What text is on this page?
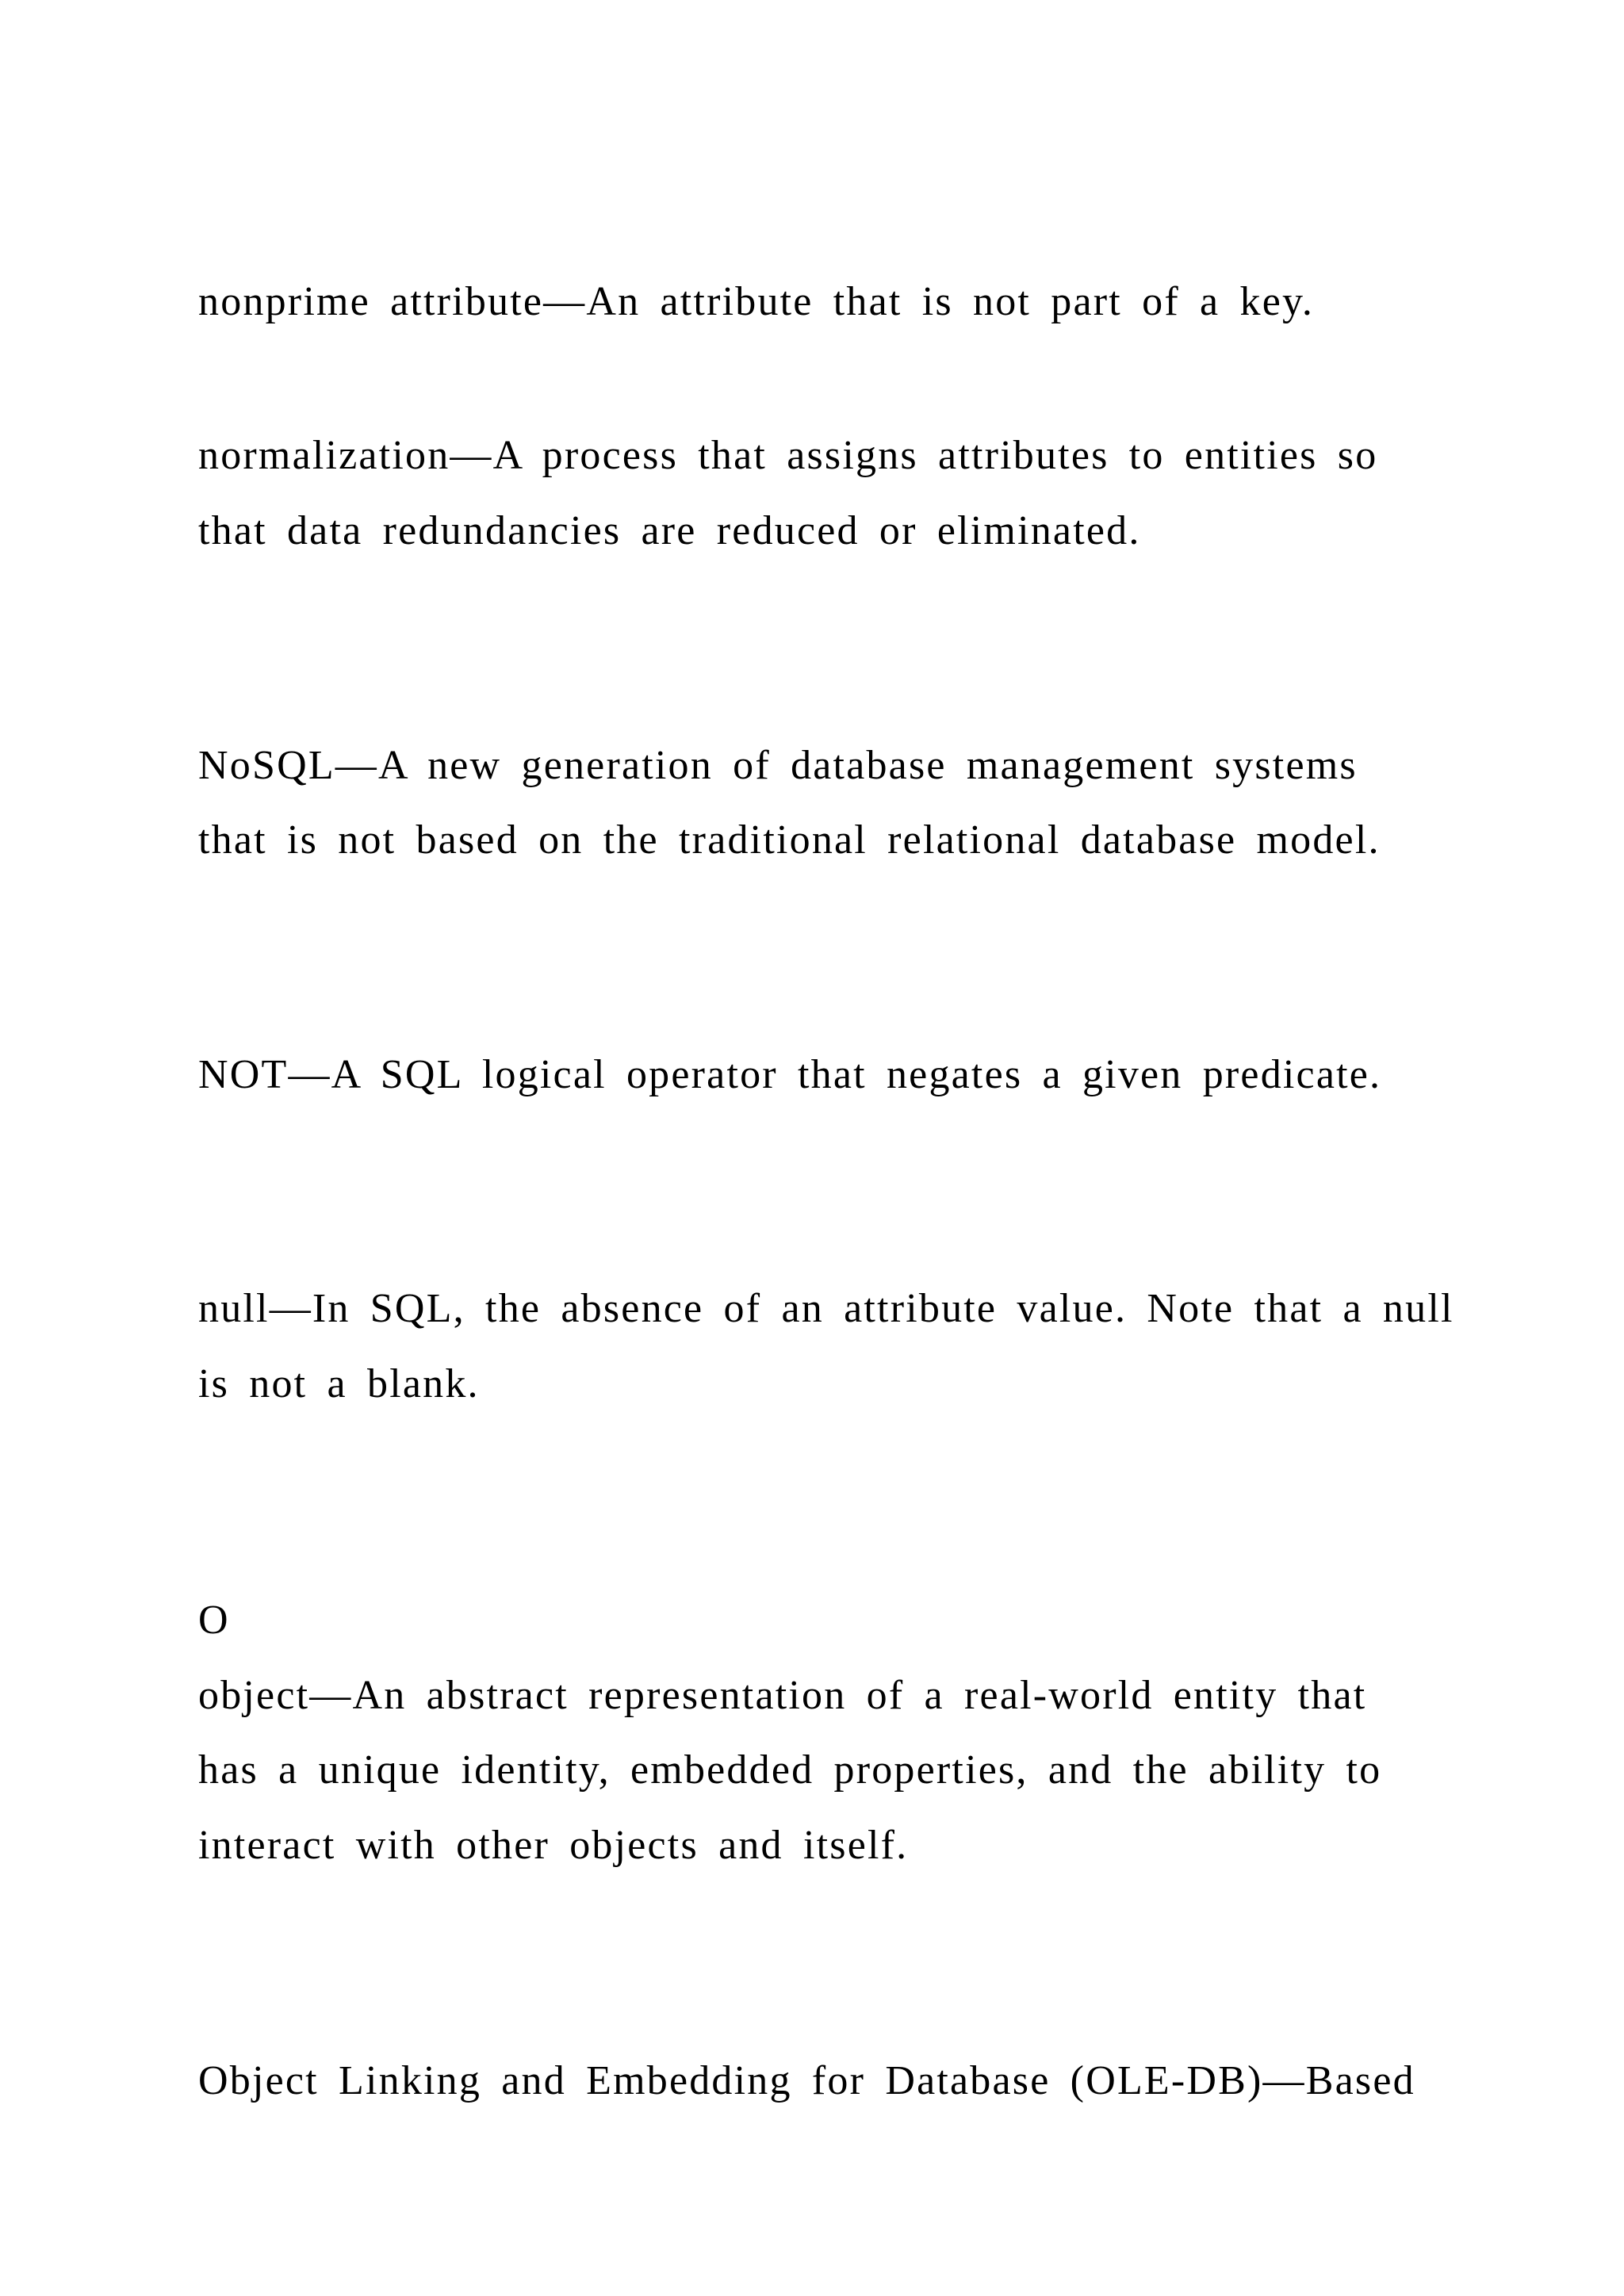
nonprime attribute—An attribute that is not part of a key.
normalization—A process that assigns attributes to entities so
that data redundancies are reduced or eliminated.
NoSQL—A new generation of database management systems
that is not based on the traditional relational database model.
NOT—A SQL logical operator that negates a given predicate.
null—In SQL, the absence of an attribute value. Note that a null
is not a blank.
O
object—An abstract representation of a real-world entity that
has a unique identity, embedded properties, and the ability to
interact with other objects and itself.
Object Linking and Embedding for Database (OLE-DB)—Based
